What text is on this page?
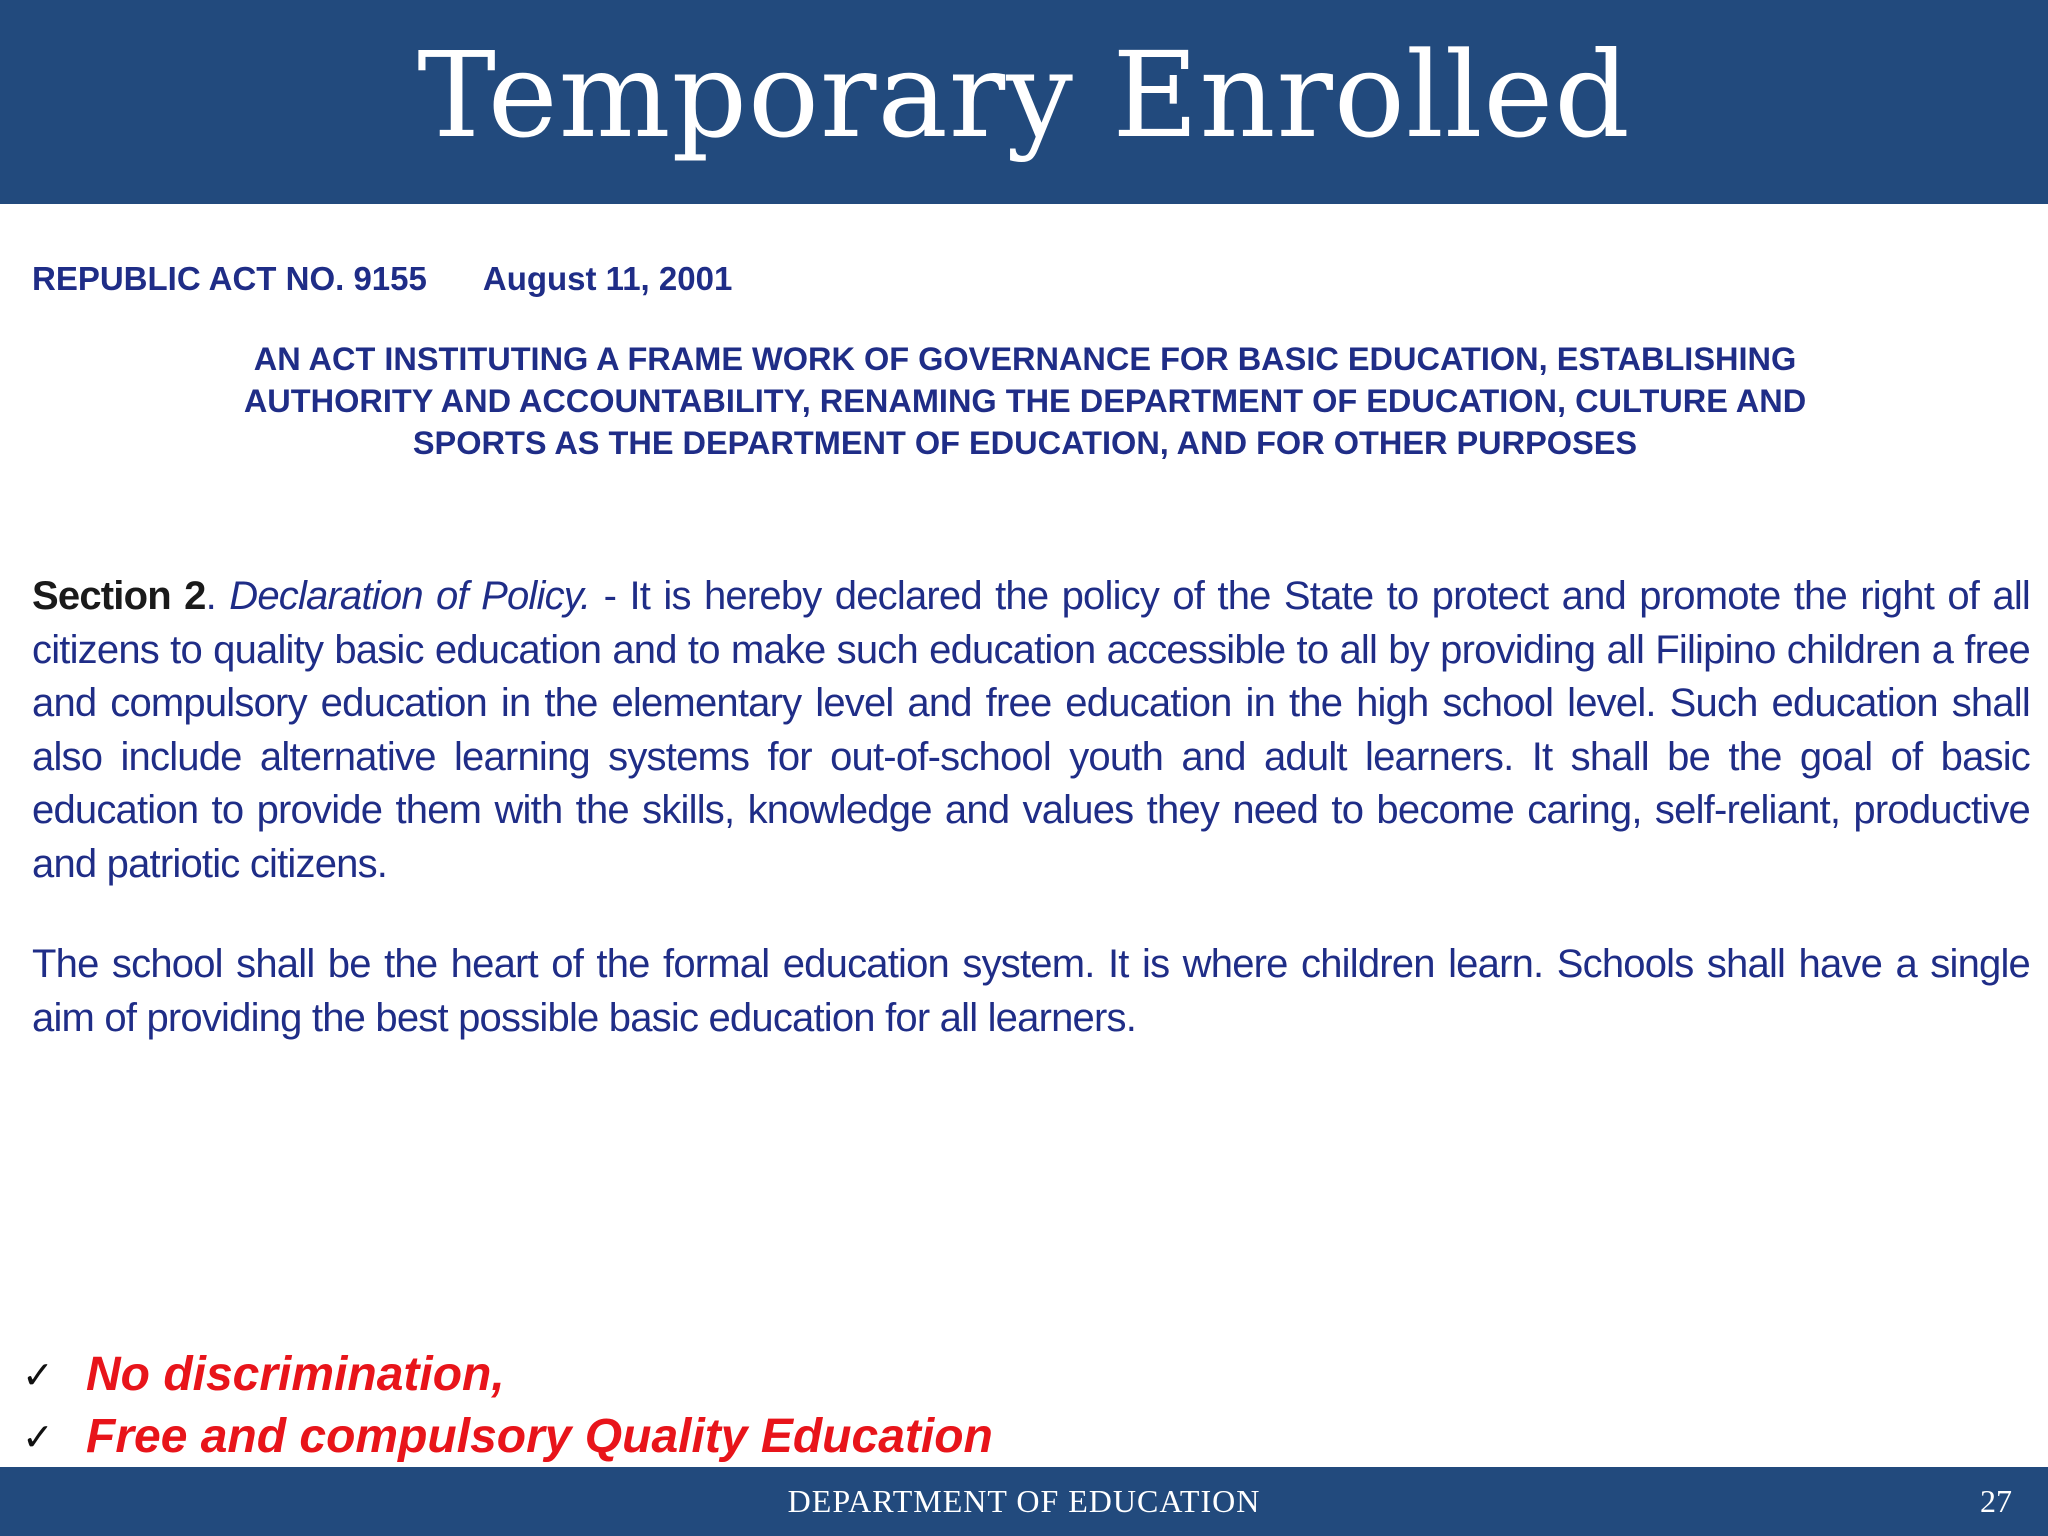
Temporary Enrolled
REPUBLIC ACT NO. 9155 August 11, 2001
AN ACT INSTITUTING A FRAME WORK OF GOVERNANCE FOR BASIC EDUCATION, ESTABLISHING
AUTHORITY AND ACCOUNTABILITY, RENAMING THE DEPARTMENT OF EDUCATION, CULTURE AND
SPORTS AS THE DEPARTMENT OF EDUCATION, AND FOR OTHER PURPOSES
Section 2. Declaration of Policy. - It is hereby declared the policy of the State to protect and promote the right of all citizens to quality basic education and to make such education accessible to all by providing all Filipino children a free and compulsory education in the elementary level and free education in the high school level. Such education shall also include alternative learning systems for out-of-school youth and adult learners. It shall be the goal of basic education to provide them with the skills, knowledge and values they need to become caring, self-reliant, productive and patriotic citizens.
The school shall be the heart of the formal education system. It is where children learn. Schools shall have a single aim of providing the best possible basic education for all learners.
✓ No discrimination,
✓ Free and compulsory Quality Education
DEPARTMENT OF EDUCATION	27
